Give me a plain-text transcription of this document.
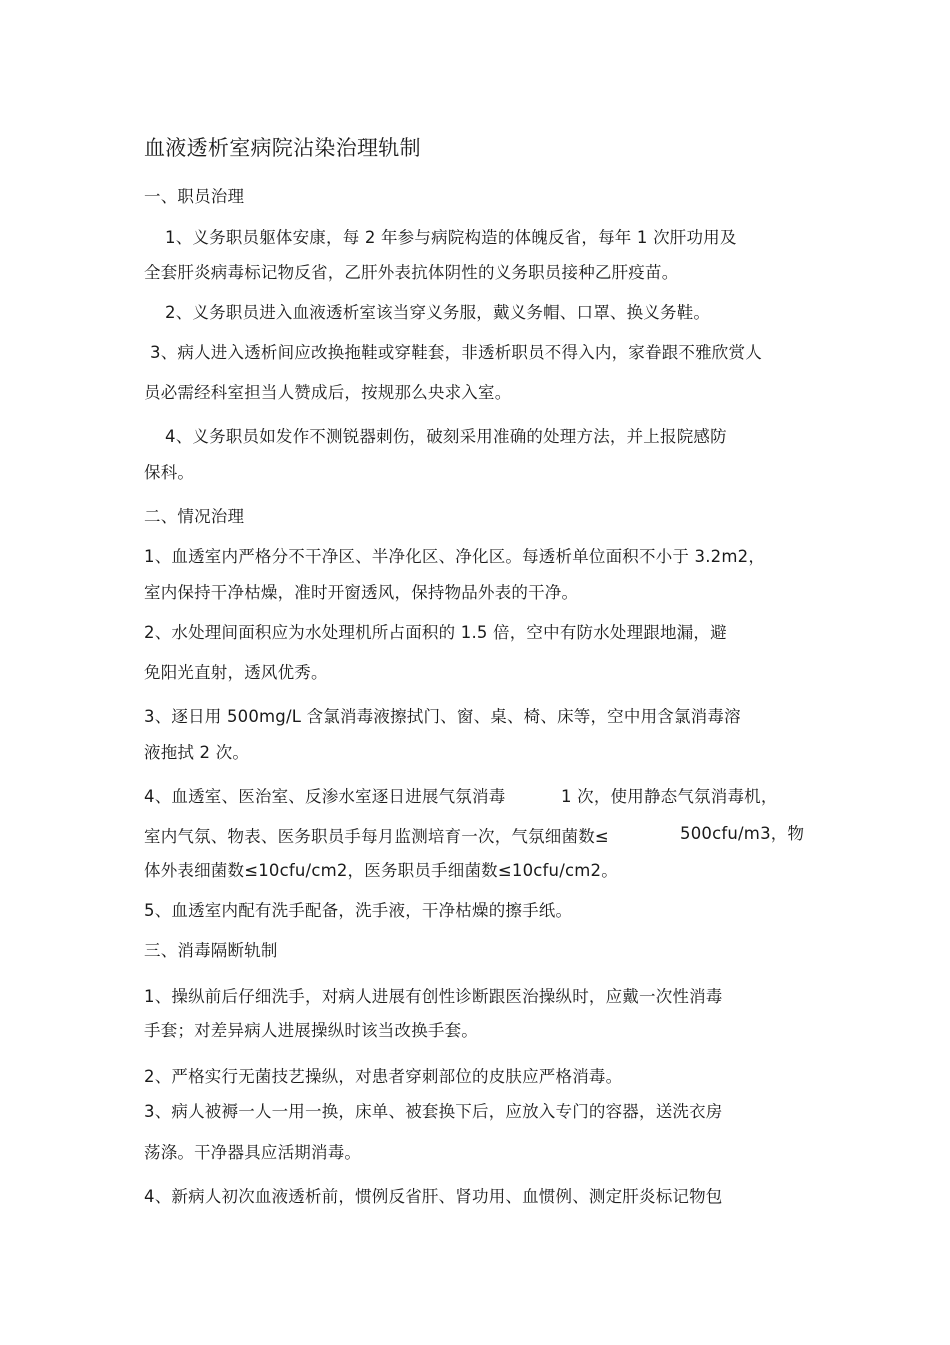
血液透析室病院沾染治理轨制

一、职员治理

1、义务职员躯体安康，每 2 年参与病院构造的体魄反省，每年 1 次肝功用及

全套肝炎病毒标记物反省，乙肝外表抗体阴性的义务职员接种乙肝疫苗。

2、义务职员进入血液透析室该当穿义务服，戴义务帽、口罩、换义务鞋。

3、病人进入透析间应改换拖鞋或穿鞋套，非透析职员不得入内，家眷跟不雅欣赏人

员必需经科室担当人赞成后，按规那么央求入室。

4、义务职员如发作不测锐器刺伤，破刻采用准确的处理方法，并上报院感防

保科。

二、情况治理

1、血透室内严格分不干净区、半净化区、净化区。每透析单位面积不小于 3.2m2，

室内保持干净枯燥，准时开窗透风，保持物品外表的干净。

2、水处理间面积应为水处理机所占面积的 1.5 倍，空中有防水处理跟地漏，避

免阳光直射，透风优秀。

3、逐日用 500mg/L 含氯消毒液擦拭门、窗、桌、椅、床等，空中用含氯消毒溶

液拖拭 2 次。

4、血透室、医治室、反渗水室逐日进展气氛消毒	1 次，使用静态气氛消毒机，

室内气氛、物表、医务职员手每月监测培育一次，气氛细菌数≤	500cfu/m3，物

体外表细菌数≤10cfu/cm2，医务职员手细菌数≤10cfu/cm2。

5、血透室内配有洗手配备，洗手液，干净枯燥的擦手纸。

三、消毒隔断轨制

1、操纵前后仔细洗手，对病人进展有创性诊断跟医治操纵时，应戴一次性消毒

手套；对差异病人进展操纵时该当改换手套。

2、严格实行无菌技艺操纵，对患者穿刺部位的皮肤应严格消毒。

3、病人被褥一人一用一换，床单、被套换下后，应放入专门的容器，送洗衣房

荡涤。干净器具应活期消毒。

4、新病人初次血液透析前，惯例反省肝、肾功用、血惯例、测定肝炎标记物包
